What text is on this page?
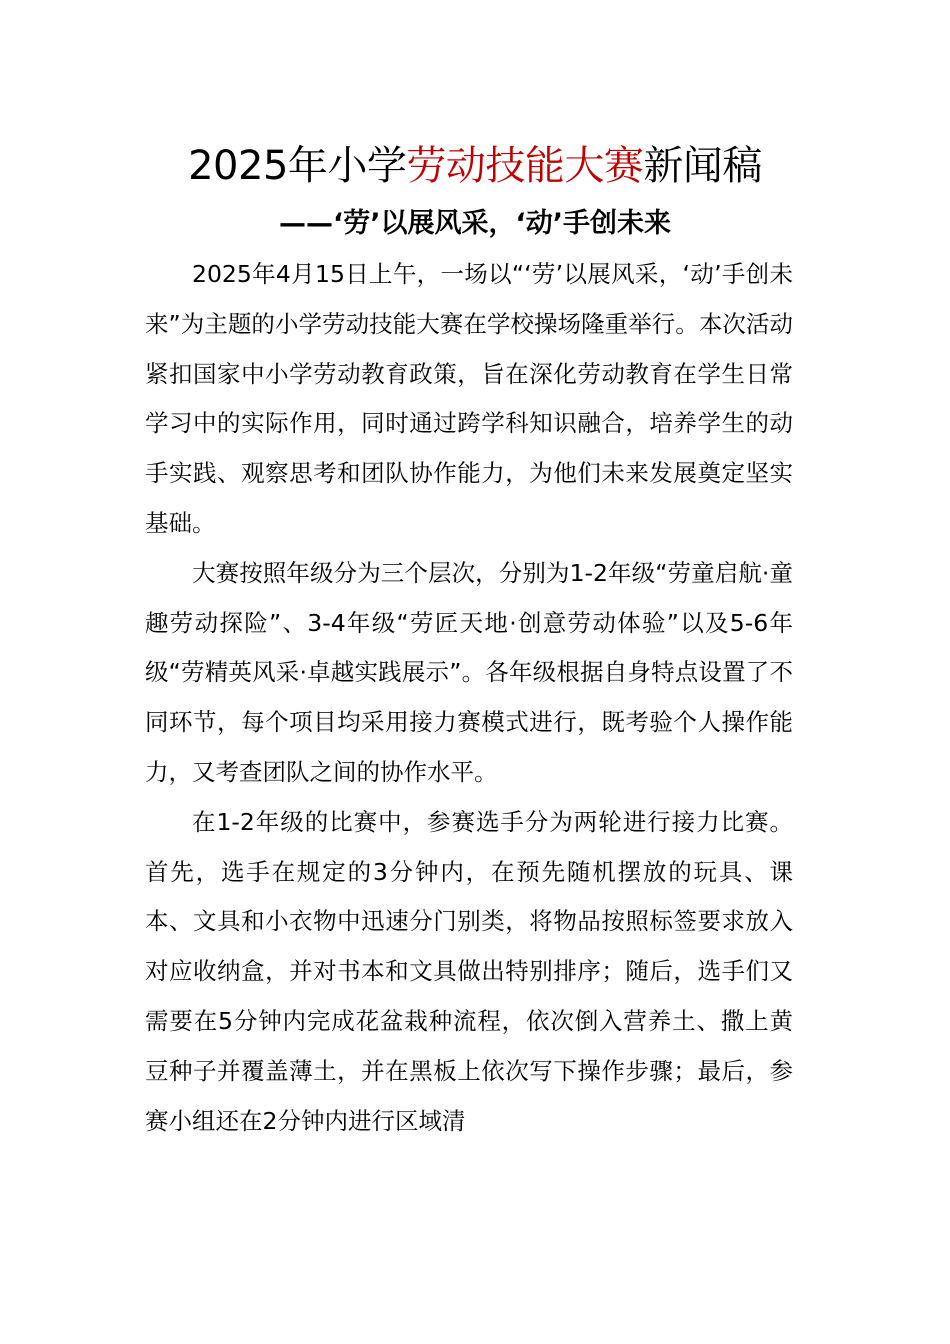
2025年小学劳动技能大赛新闻稿
——‘劳’以展风采，‘动’手创未来

2025年4月15日上午，一场以“‘劳’以展风采，‘动’手创未来”为主题的小学劳动技能大赛在学校操场隆重举行。本次活动紧扣国家中小学劳动教育政策，旨在深化劳动教育在学生日常学习中的实际作用，同时通过跨学科知识融合，培养学生的动手实践、观察思考和团队协作能力，为他们未来发展奠定坚实基础。

大赛按照年级分为三个层次，分别为1-2年级“劳童启航·童趣劳动探险”、3-4年级“劳匠天地·创意劳动体验”以及5-6年级“劳精英风采·卓越实践展示”。各年级根据自身特点设置了不同环节，每个项目均采用接力赛模式进行，既考验个人操作能力，又考查团队之间的协作水平。

在1-2年级的比赛中，参赛选手分为两轮进行接力比赛。首先，选手在规定的3分钟内，在预先随机摆放的玩具、课本、文具和小衣物中迅速分门别类，将物品按照标签要求放入对应收纳盒，并对书本和文具做出特别排序；随后，选手们又需要在5分钟内完成花盆栽种流程，依次倒入营养土、撒上黄豆种子并覆盖薄土，并在黑板上依次写下操作步骤；最后，参赛小组还在2分钟内进行区域清
